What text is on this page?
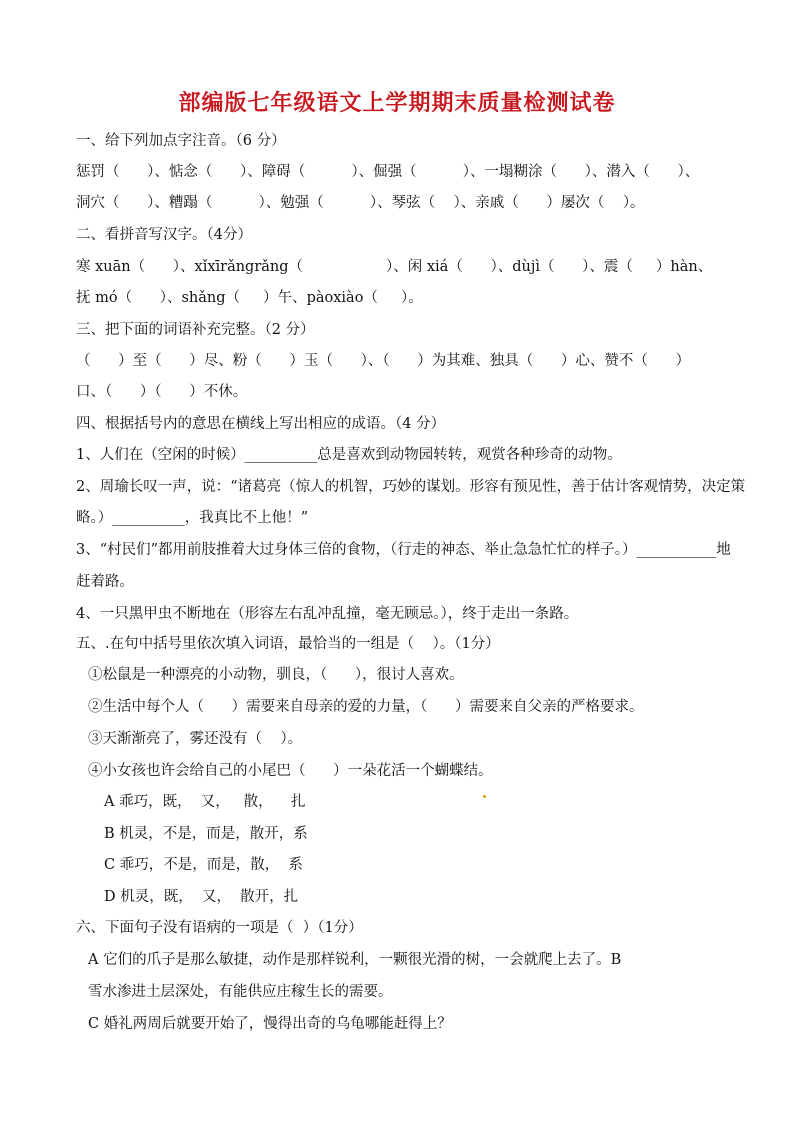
部编版七年级语文上学期期末质量检测试卷
一、给下列加点字注音。（6 分）
惩罚（      ）、惦念（      ）、障碍（          ）、倔强（          ）、一塌糊涂（      ）、潜入（      ）、
洞穴（      ）、糟蹋（          ）、勉强（          ）、琴弦（    ）、亲戚（      ）屡次（    ）。
二、看拼音写汉字。（4分）
寒 xuān（      ）、xǐxīrǎngrǎng（                  ）、闲 xiá（      ）、dùjì（      ）、震（     ）hàn、
抚 mó（      ）、shǎng（     ）午、pàoxiào（     ）。
三、把下面的词语补充完整。（2 分）
（      ）至（      ）尽、粉（      ）玉（      ）、（      ）为其难、独具（      ）心、赞不（      ）
口、（      ）（      ）不休。
四、根据括号内的意思在横线上写出相应的成语。（4 分）
1、人们在（空闲的时候）__________总是喜欢到动物园转转，观赏各种珍奇的动物。
2、周瑜长叹一声，说：“诸葛亮（惊人的机智，巧妙的谋划。形容有预见性，善于估计客观情势，决定策
略。）__________，我真比不上他！”
3、“村民们”都用前肢推着大过身体三倍的食物，（行走的神态、举止急急忙忙的样子。）___________地
赶着路。
4、一只黑甲虫不断地在（形容左右乱冲乱撞，毫无顾忌。），终于走出一条路。
五、.在句中括号里依次填入词语，最恰当的一组是（    ）。（1分）
①松鼠是一种漂亮的小动物，驯良，（      ），很讨人喜欢。
②生活中每个人（      ）需要来自母亲的爱的力量，（      ）需要来自父亲的严格要求。
③天渐渐亮了，雾还没有（    ）。
④小女孩也许会给自己的小尾巴（      ）一朵花活一个蝴蝶结。
A 乖巧，既，  又，   散，    扎
B 机灵，不是，而是，散开，系
C 乖巧，不是，而是，散，  系
D 机灵，既，  又，  散开，扎
六、下面句子没有语病的一项是（  ）（1分）
A 它们的爪子是那么敏捷，动作是那样锐利，一颗很光滑的树，一会就爬上去了。B
雪水渗进土层深处，有能供应庄稼生长的需要。
C 婚礼两周后就要开始了，慢得出奇的乌龟哪能赶得上？
